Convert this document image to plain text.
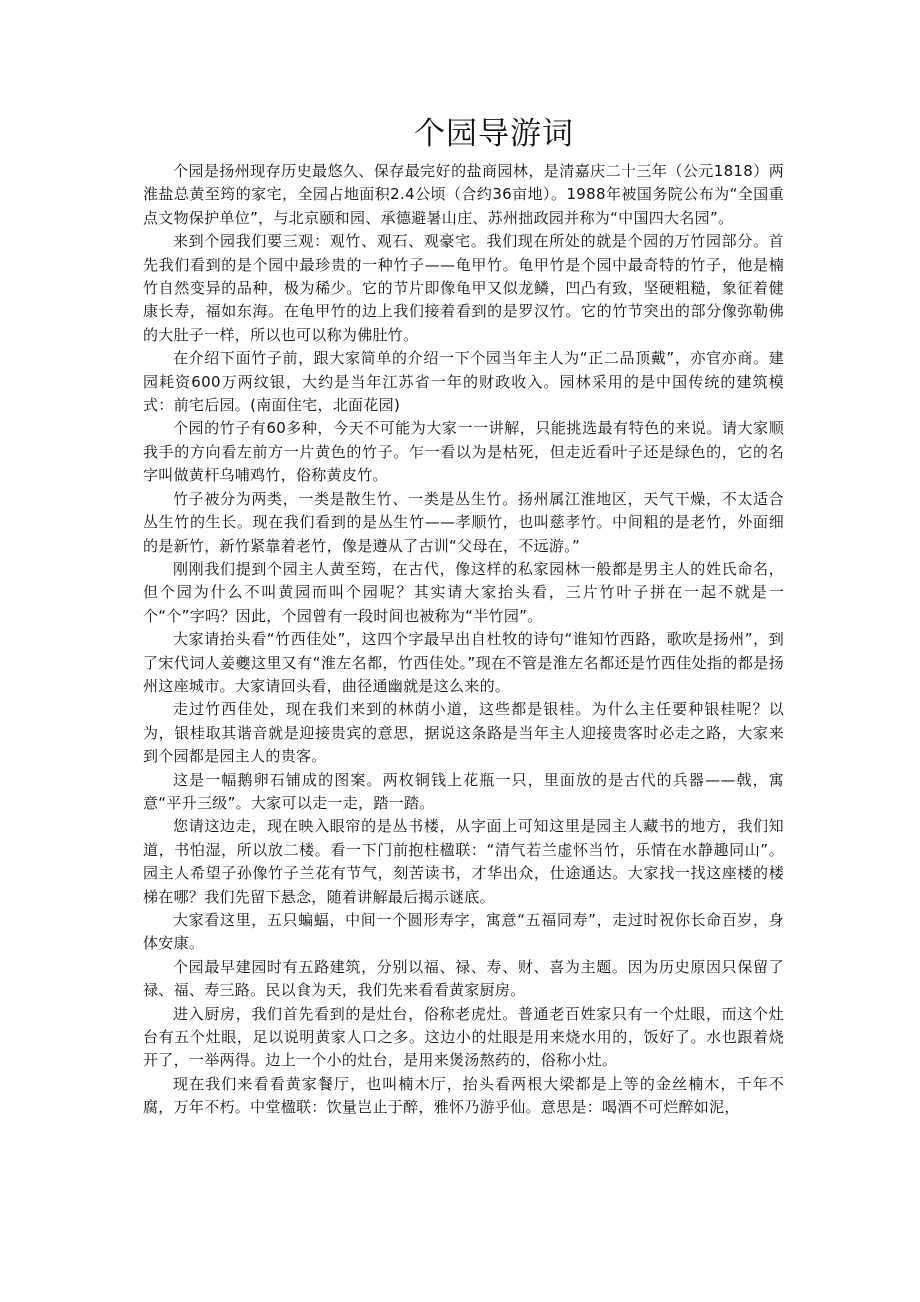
个园导游词

个园是扬州现存历史最悠久、保存最完好的盐商园林，是清嘉庆二十三年（公元1818）两淮盐总黄至筠的家宅，全园占地面积2.4公顷（合约36亩地）。1988年被国务院公布为“全国重点文物保护单位”，与北京颐和园、承德避暑山庄、苏州拙政园并称为“中国四大名园”。

来到个园我们要三观：观竹、观石、观豪宅。我们现在所处的就是个园的万竹园部分。首先我们看到的是个园中最珍贵的一种竹子——龟甲竹。龟甲竹是个园中最奇特的竹子，他是楠竹自然变异的品种，极为稀少。它的节片即像龟甲又似龙鳞，凹凸有致，坚硬粗糙，象征着健康长寿，福如东海。在龟甲竹的边上我们接着看到的是罗汉竹。它的竹节突出的部分像弥勒佛的大肚子一样，所以也可以称为佛肚竹。

在介绍下面竹子前，跟大家简单的介绍一下个园当年主人为“正二品顶戴”，亦官亦商。建园耗资600万两纹银，大约是当年江苏省一年的财政收入。园林采用的是中国传统的建筑模式：前宅后园。(南面住宅，北面花园)

个园的竹子有60多种，今天不可能为大家一一讲解，只能挑选最有特色的来说。请大家顺我手的方向看左前方一片黄色的竹子。乍一看以为是枯死，但走近看叶子还是绿色的，它的名字叫做黄杆乌哺鸡竹，俗称黄皮竹。

竹子被分为两类，一类是散生竹、一类是丛生竹。扬州属江淮地区，天气干燥，不太适合丛生竹的生长。现在我们看到的是丛生竹——孝顺竹，也叫慈孝竹。中间粗的是老竹，外面细的是新竹，新竹紧靠着老竹，像是遵从了古训“父母在，不远游。”

刚刚我们提到个园主人黄至筠，在古代，像这样的私家园林一般都是男主人的姓氏命名，但个园为什么不叫黄园而叫个园呢？其实请大家抬头看，三片竹叶子拼在一起不就是一个“个”字吗？因此，个园曾有一段时间也被称为“半竹园”。

大家请抬头看“竹西佳处”，这四个字最早出自杜牧的诗句“谁知竹西路，歌吹是扬州”，到了宋代词人姜夔这里又有“淮左名都，竹西佳处。”现在不管是淮左名都还是竹西佳处指的都是扬州这座城市。大家请回头看，曲径通幽就是这么来的。

走过竹西佳处，现在我们来到的林荫小道，这些都是银桂。为什么主任要种银桂呢？以为，银桂取其谐音就是迎接贵宾的意思，据说这条路是当年主人迎接贵客时必走之路，大家来到个园都是园主人的贵客。

这是一幅鹅卵石铺成的图案。两枚铜钱上花瓶一只，里面放的是古代的兵器——戟，寓意“平升三级”。大家可以走一走，踏一踏。

您请这边走，现在映入眼帘的是丛书楼，从字面上可知这里是园主人藏书的地方，我们知道，书怕湿，所以放二楼。看一下门前抱柱楹联：“清气若兰虚怀当竹，乐情在水静趣同山”。园主人希望子孙像竹子兰花有节气，刻苦读书，才华出众，仕途通达。大家找一找这座楼的楼梯在哪？我们先留下悬念，随着讲解最后揭示谜底。

大家看这里，五只蝙蝠，中间一个圆形寿字，寓意“五福同寿”，走过时祝你长命百岁，身体安康。

个园最早建园时有五路建筑，分别以福、禄、寿、财、喜为主题。因为历史原因只保留了禄、福、寿三路。民以食为天，我们先来看看黄家厨房。

进入厨房，我们首先看到的是灶台，俗称老虎灶。普通老百姓家只有一个灶眼，而这个灶台有五个灶眼，足以说明黄家人口之多。这边小的灶眼是用来烧水用的，饭好了。水也跟着烧开了，一举两得。边上一个小的灶台，是用来煲汤熬药的，俗称小灶。

现在我们来看看黄家餐厅，也叫楠木厅，抬头看两根大梁都是上等的金丝楠木，千年不腐，万年不朽。中堂楹联：饮量岂止于醉，雅怀乃游乎仙。意思是：喝酒不可烂醉如泥，
